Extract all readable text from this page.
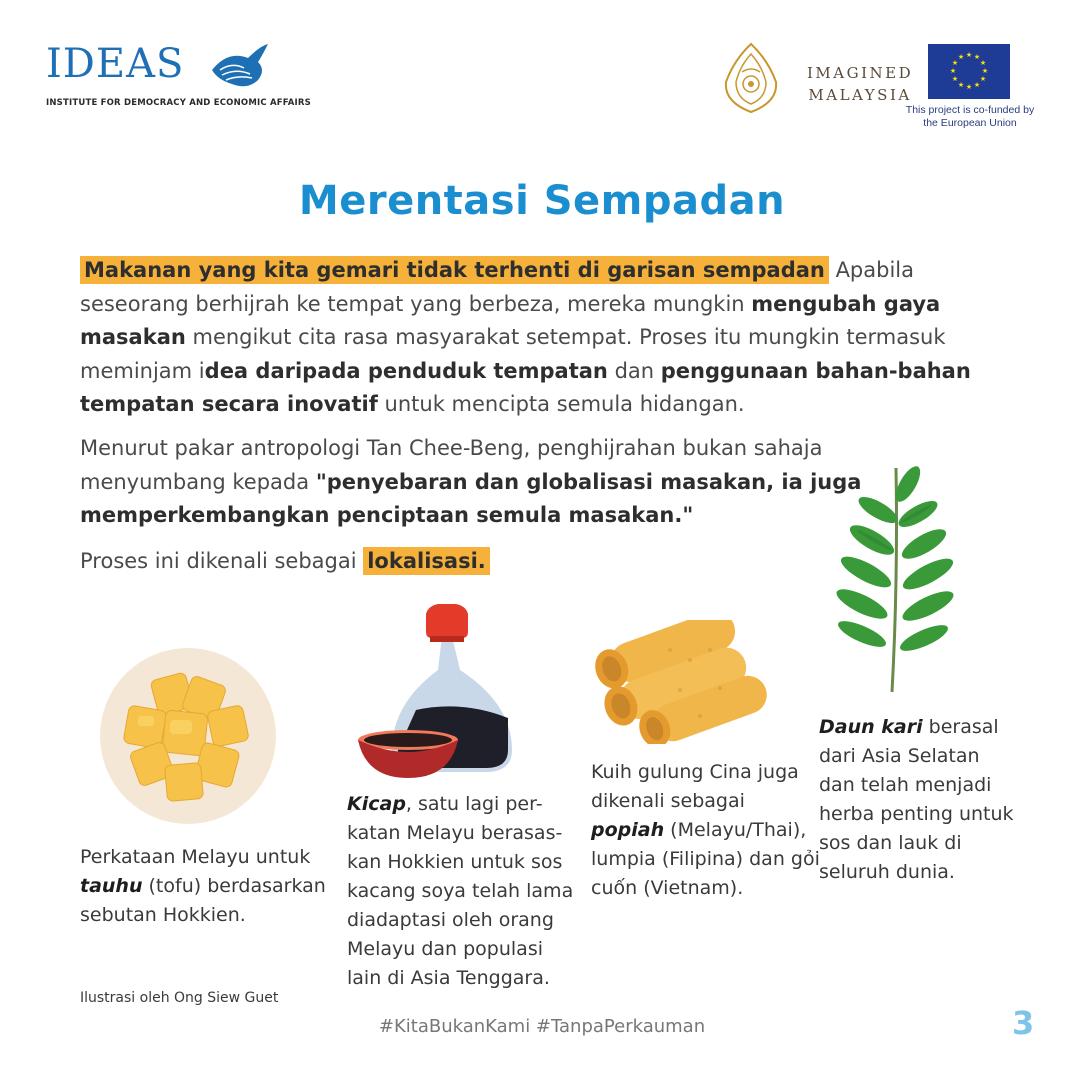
IDEAS
INSTITUTE FOR DEMOCRACY AND ECONOMIC AFFAIRS
IMAGINED
MALAYSIA
★ ★
★
★
★
★
★
★
★
★
★
★
This project is co-funded by
the European Union
Merentasi Sempadan
Makanan yang kita gemari tidak terhenti di garisan sempadan Apabila seseorang berhijrah ke tempat yang berbeza, mereka mungkin mengubah gaya masakan mengikut cita rasa masyarakat setempat. Proses itu mungkin termasuk meminjam idea daripada penduduk tempatan dan penggunaan bahan-bahan tempatan secara inovatif untuk mencipta semula hidangan.
Menurut pakar antropologi Tan Chee-Beng, penghijrahan bukan sahaja menyumbang kepada "penyebaran dan globalisasi masakan, ia juga memperkembangkan penciptaan semula masakan."
Proses ini dikenali sebagai lokalisasi.
Perkataan Melayu untuk tauhu (tofu) berdasarkan sebutan Hokkien.
Kicap, satu lagi per-katan Melayu berasas-kan Hokkien untuk sos kacang soya telah lama diadaptasi oleh orang Melayu dan populasi lain di Asia Tenggara.
Kuih gulung Cina juga dikenali sebagai popiah (Melayu/Thai), lumpia (Filipina) dan gỏi cuốn (Vietnam).
Daun kari berasal dari Asia Selatan dan telah menjadi herba penting untuk sos dan lauk di seluruh dunia.
Ilustrasi oleh Ong Siew Guet
#KitaBukanKami #TanpaPerkauman	3
